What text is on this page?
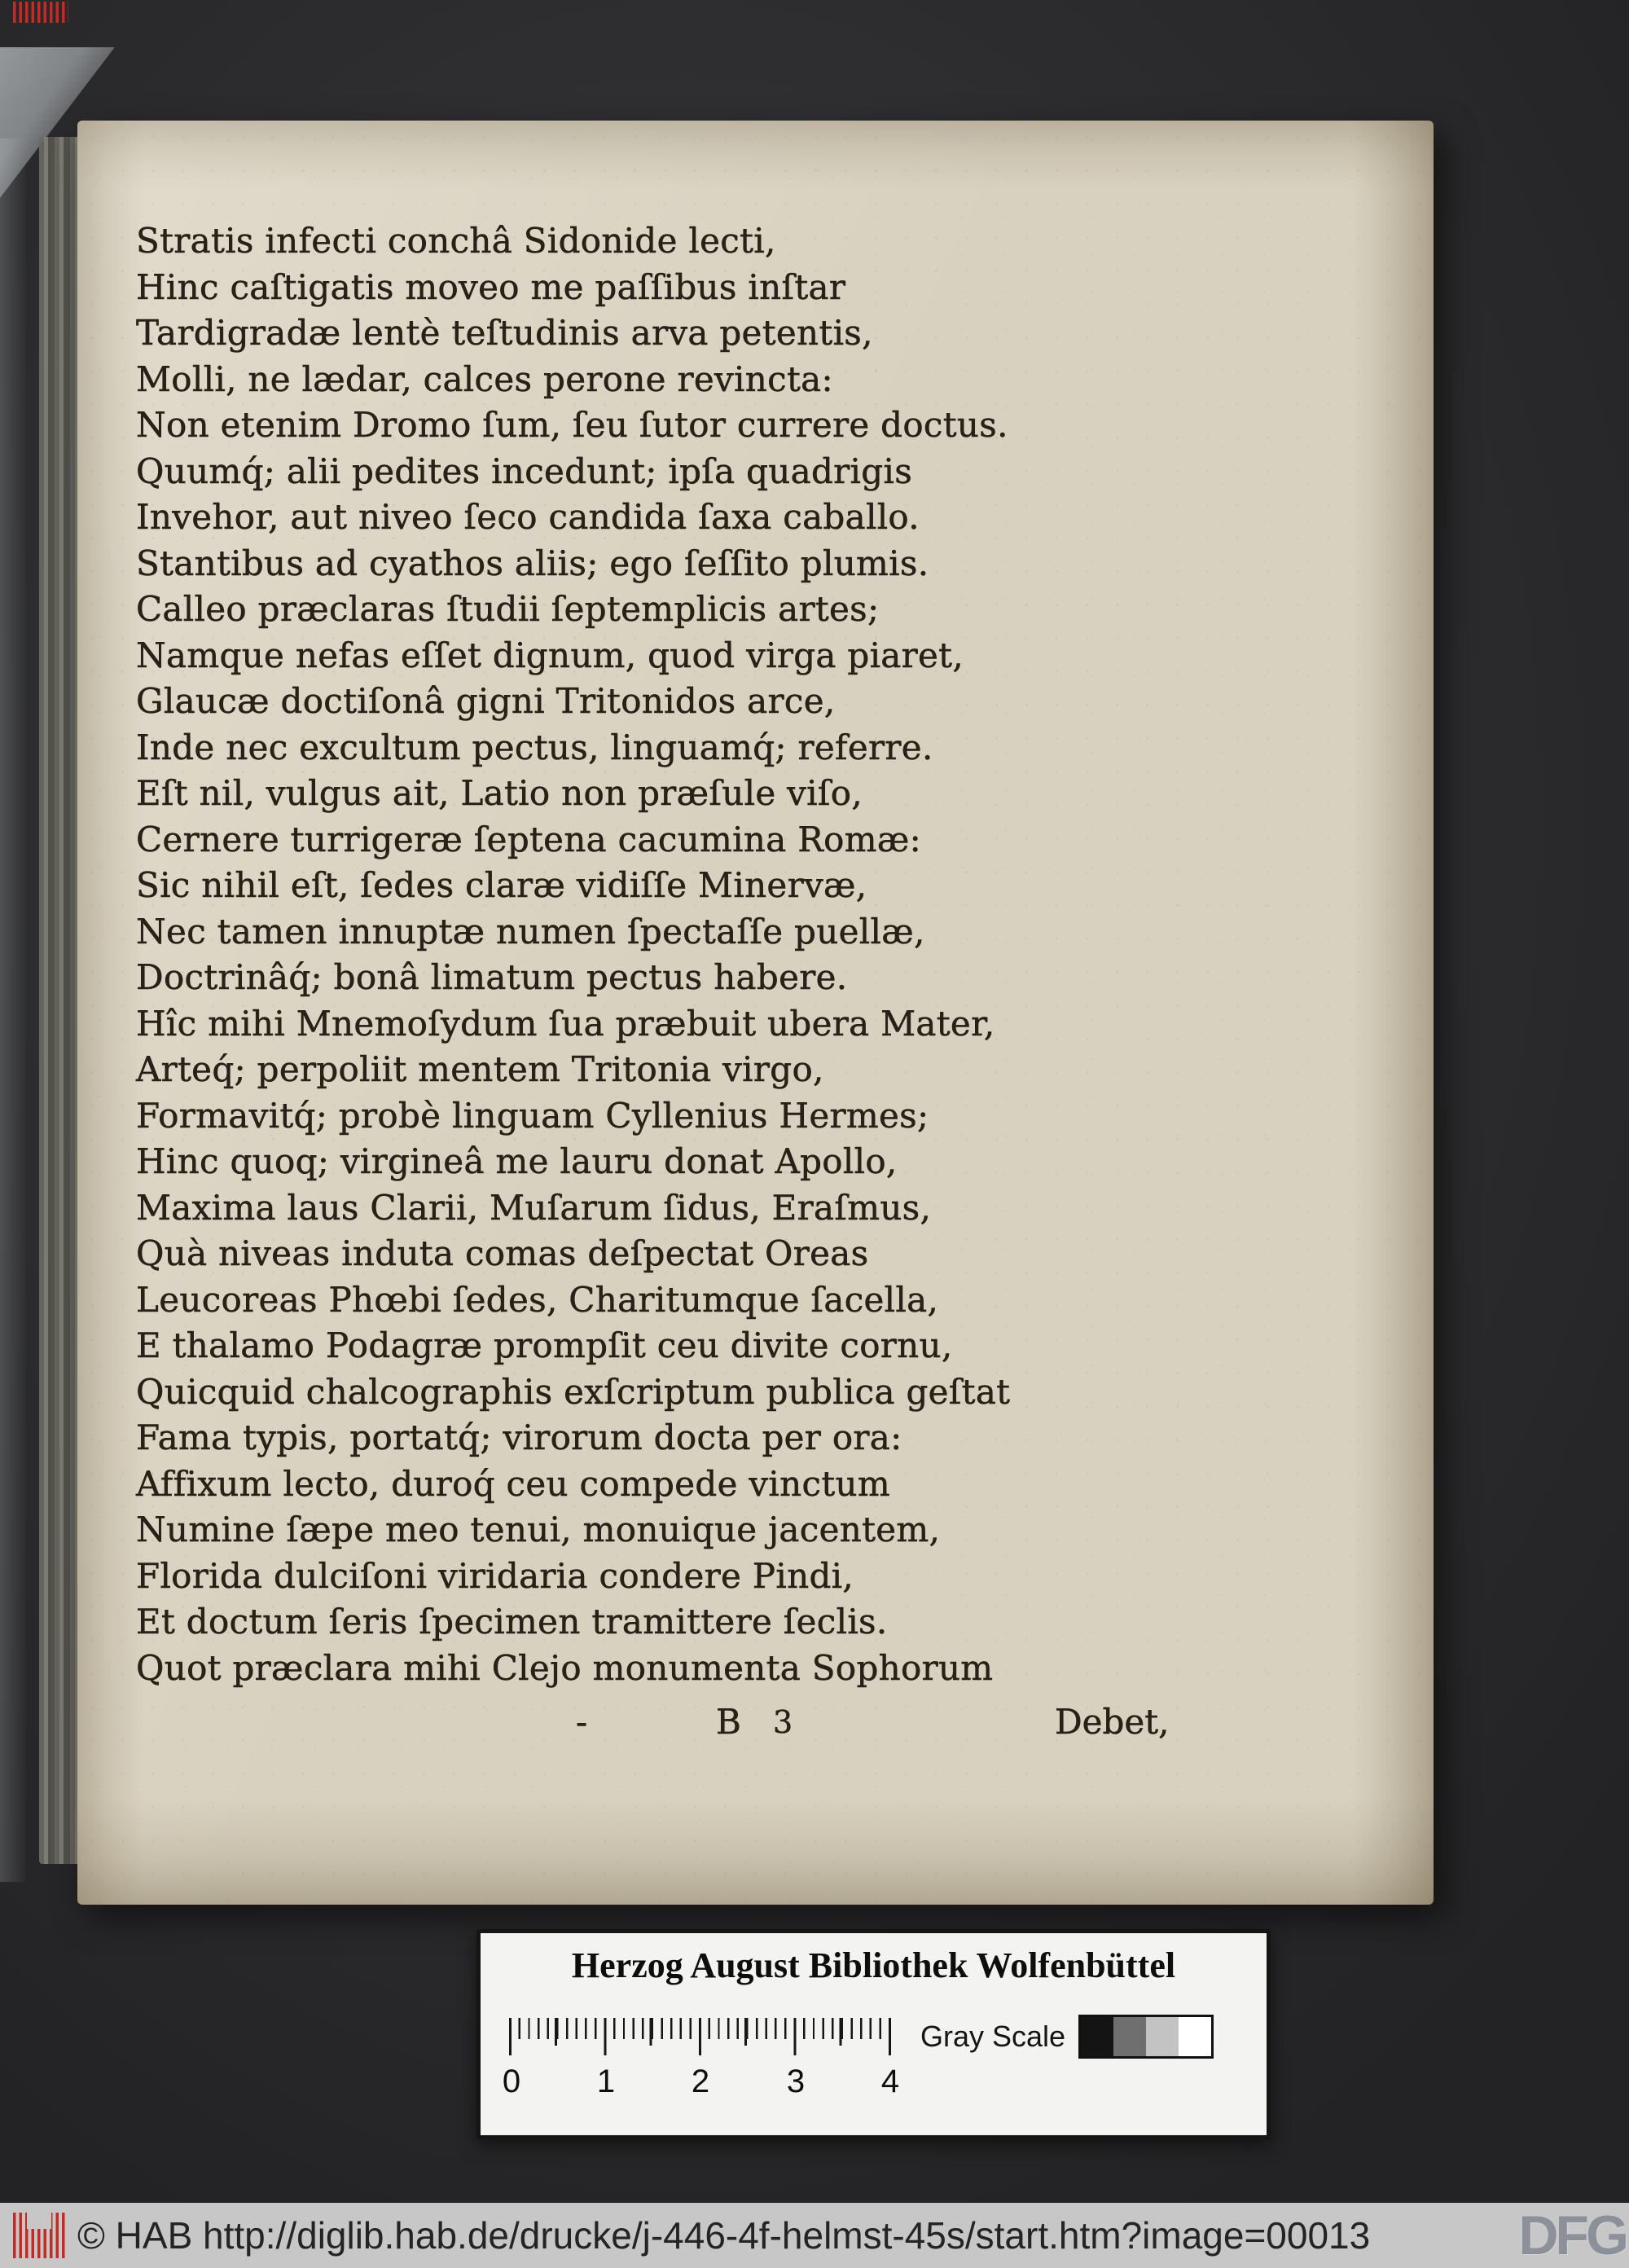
Stratis infecti conchâ Sidonide lecti,
Hinc caſtigatis moveo me paſſibus inſtar
Tardigradæ lentè teſtudinis arva petentis,
Molli, ne lædar, calces perone revincta:
Non etenim Dromo ſum, ſeu ſutor currere doctus.
Quumq́; alii pedites incedunt; ipſa quadrigis
Invehor, aut niveo ſeco candida ſaxa caballo.
Stantibus ad cyathos aliis; ego ſeſſito plumis.
Calleo præclaras ſtudii ſeptemplicis artes;
Namque nefas eſſet dignum, quod virga piaret,
Glaucæ doctiſonâ gigni Tritonidos arce,
Inde nec excultum pectus, linguamq́; referre.
Eſt nil, vulgus ait, Latio non præſule viſo,
Cernere turrigeræ ſeptena cacumina Romæ:
Sic nihil eſt, ſedes claræ vidiſſe Minervæ,
Nec tamen innuptæ numen ſpectaſſe puellæ,
Doctrinâq́; bonâ limatum pectus habere.
Hîc mihi Mnemoſydum ſua præbuit ubera Mater,
Arteq́; perpoliit mentem Tritonia virgo,
Formavitq́; probè linguam Cyllenius Hermes;
Hinc quoq; virgineâ me lauru donat Apollo,
Maxima laus Clarii, Muſarum ſidus, Eraſmus,
Quà niveas induta comas deſpectat Oreas
Leucoreas Phœbi ſedes, Charitumque ſacella,
E thalamo Podagræ prompſit ceu divite cornu,
Quicquid chalcographis exſcriptum publica geſtat
Fama typis, portatq́; virorum docta per ora:
Affixum lecto, duroq́ ceu compede vinctum
Numine ſæpe meo tenui, monuique jacentem,
Florida dulciſoni viridaria condere Pindi,
Et doctum ſeris ſpecimen tramittere ſeclis.
Quot præclara mihi Clejo monumenta Sophorum
-	B 3	Debet,
Herzog August Bibliothek Wolfenbüttel
0 1 2 3 4
Gray Scale
© HAB http://diglib.hab.de/drucke/j-446-4f-helmst-45s/start.htm?image=00013	DFG
